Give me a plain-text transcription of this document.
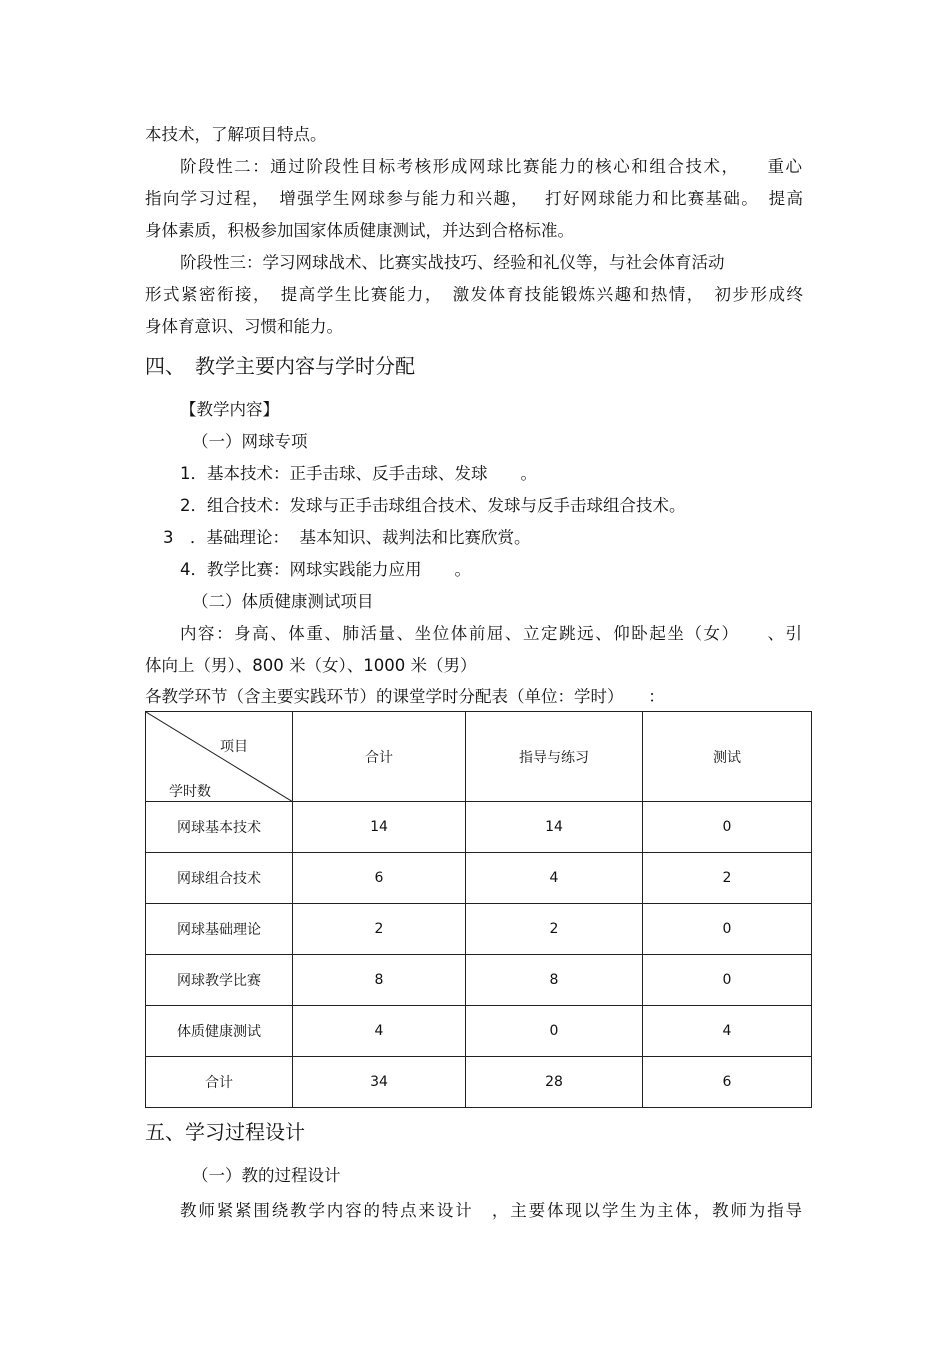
本技术，了解项目特点。
阶段性二：通过阶段性目标考核形成网球比赛能力的核心和组合技术，　　重心
指向学习过程，　增强学生网球参与能力和兴趣，　 打好网球能力和比赛基础。　提高
身体素质，积极参加国家体质健康测试，并达到合格标准。
阶段性三：学习网球战术、比赛实战技巧、经验和礼仪等，与社会体育活动
形式紧密衔接，　提高学生比赛能力，　激发体育技能锻炼兴趣和热情，　初步形成终
身体育意识、习惯和能力。
四、　教学主要内容与学时分配
【教学内容】
（一）网球专项
1．基本技术：正手击球、反手击球、发球　　。
2．组合技术：发球与正手击球组合技术、发球与反手击球组合技术。
3　．基础理论：  基本知识、裁判法和比赛欣赏。
4．教学比赛：网球实践能力应用　　。
（二）体质健康测试项目
内容：身高、体重、肺活量、坐位体前屈、立定跳远、仰卧起坐（女）　　、引
体向上（男）、800 米（女）、1000 米（男）
各教学环节（含主要实践环节）的课堂学时分配表（单位：学时）　　：
项目
学时数	合计	指导与练习	测试
网球基本技术	14	14	0
网球组合技术	6	4	2
网球基础理论	2	2	0
网球教学比赛	8	8	0
体质健康测试	4	0	4
合计	34	28	6
五、学习过程设计
（一）教的过程设计
教师紧紧围绕教学内容的特点来设计　，主要体现以学生为主体，教师为指导
